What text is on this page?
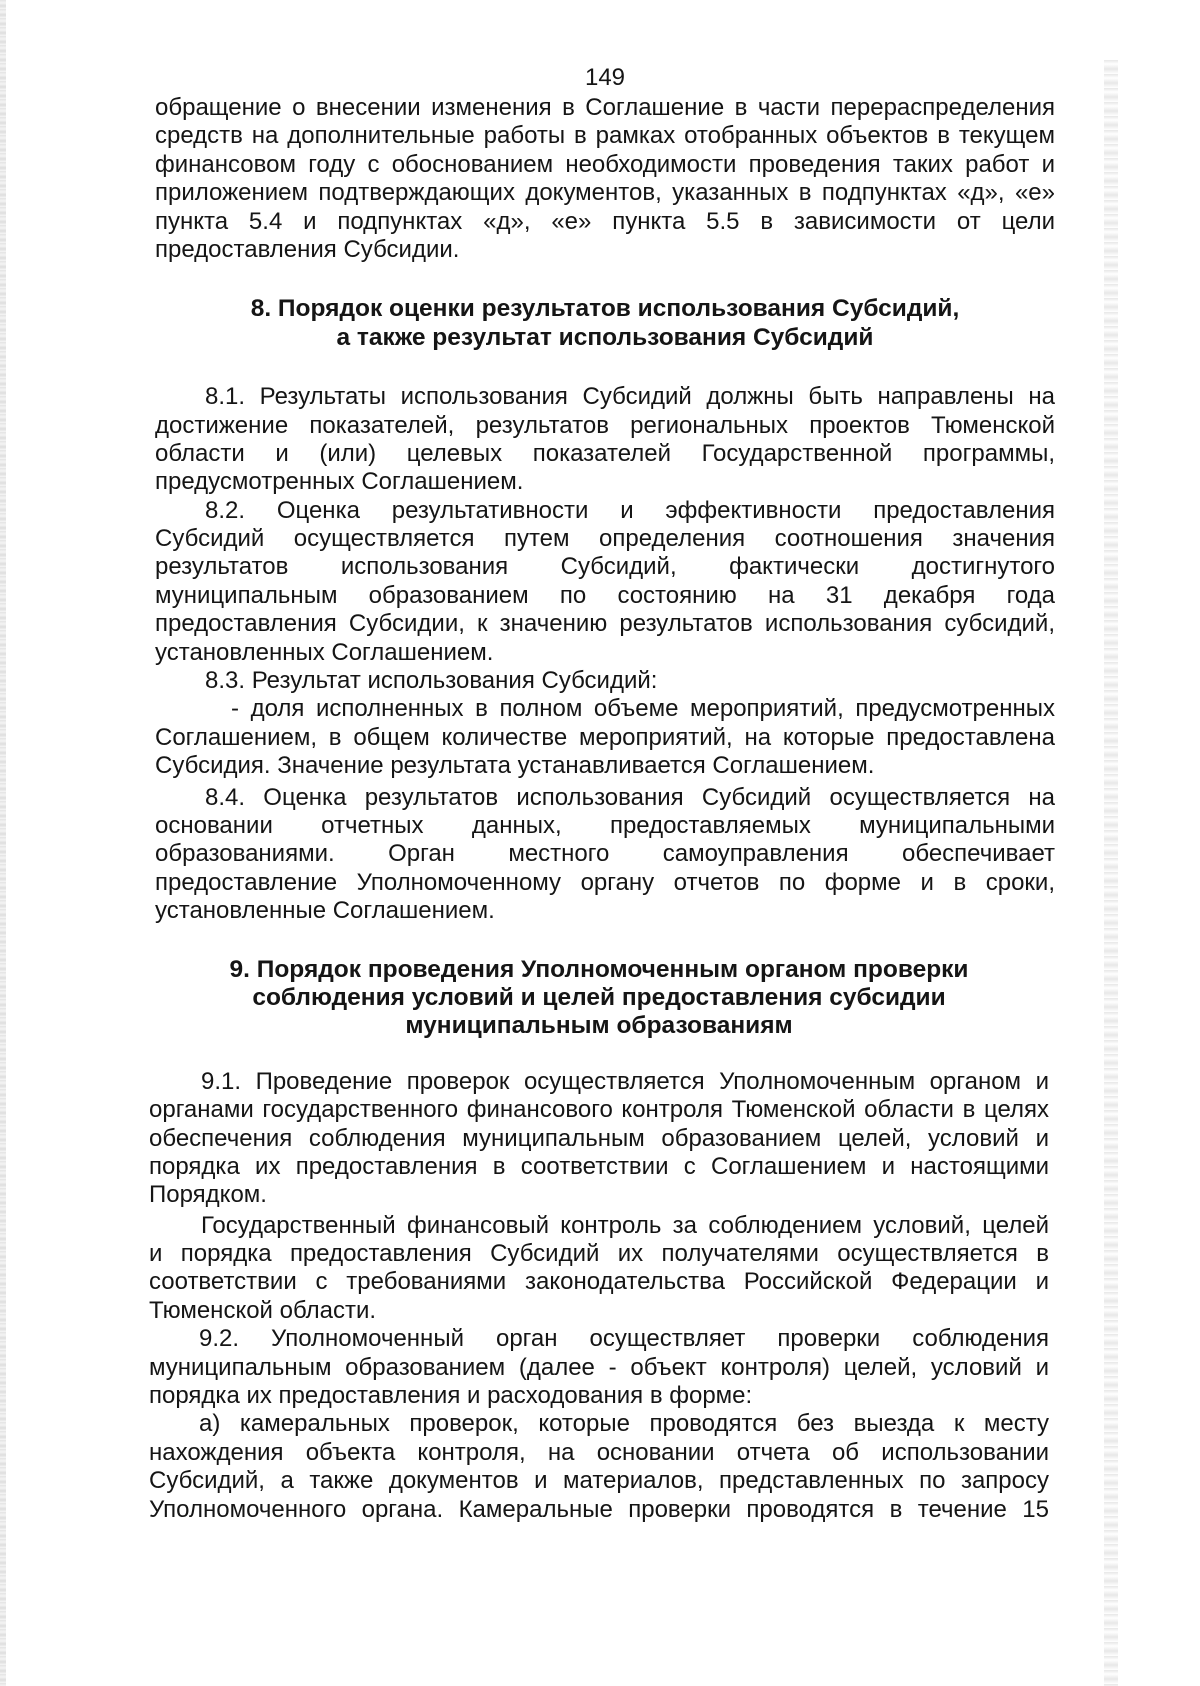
149
обращение о внесении изменения в Соглашение в части перераспределения
средств на дополнительные работы в рамках отобранных объектов в текущем
финансовом году с обоснованием необходимости проведения таких работ и
приложением подтверждающих документов, указанных в подпунктах «д», «е»
пункта 5.4 и подпунктах «д», «е» пункта 5.5 в зависимости от цели
предоставления Субсидии.
8. Порядок оценки результатов использования Субсидий,
а также результат использования Субсидий
8.1. Результаты использования Субсидий должны быть направлены на
достижение показателей, результатов региональных проектов Тюменской
области и (или) целевых показателей Государственной программы,
предусмотренных Соглашением.
8.2. Оценка результативности и эффективности предоставления
Субсидий осуществляется путем определения соотношения значения
результатов использования Субсидий, фактически достигнутого
муниципальным образованием по состоянию на 31 декабря года
предоставления Субсидии, к значению результатов использования субсидий,
установленных Соглашением.
8.3. Результат использования Субсидий:
- доля исполненных в полном объеме мероприятий, предусмотренных
Соглашением, в общем количестве мероприятий, на которые предоставлена
Субсидия. Значение результата устанавливается Соглашением.
8.4. Оценка результатов использования Субсидий осуществляется на
основании отчетных данных, предоставляемых муниципальными
образованиями. Орган местного самоуправления обеспечивает
предоставление Уполномоченному органу отчетов по форме и в сроки,
установленные Соглашением.
9. Порядок проведения Уполномоченным органом проверки
соблюдения условий и целей предоставления субсидии
муниципальным образованиям
9.1. Проведение проверок осуществляется Уполномоченным органом и
органами государственного финансового контроля Тюменской области в целях
обеспечения соблюдения муниципальным образованием целей, условий и
порядка их предоставления в соответствии с Соглашением и настоящими
Порядком.
Государственный финансовый контроль за соблюдением условий, целей
и порядка предоставления Субсидий их получателями осуществляется в
соответствии с требованиями законодательства Российской Федерации и
Тюменской области.
9.2. Уполномоченный орган осуществляет проверки соблюдения
муниципальным образованием (далее - объект контроля) целей, условий и
порядка их предоставления и расходования в форме:
а) камеральных проверок, которые проводятся без выезда к месту
нахождения объекта контроля, на основании отчета об использовании
Субсидий, а также документов и материалов, представленных по запросу
Уполномоченного органа. Камеральные проверки проводятся в течение 15
